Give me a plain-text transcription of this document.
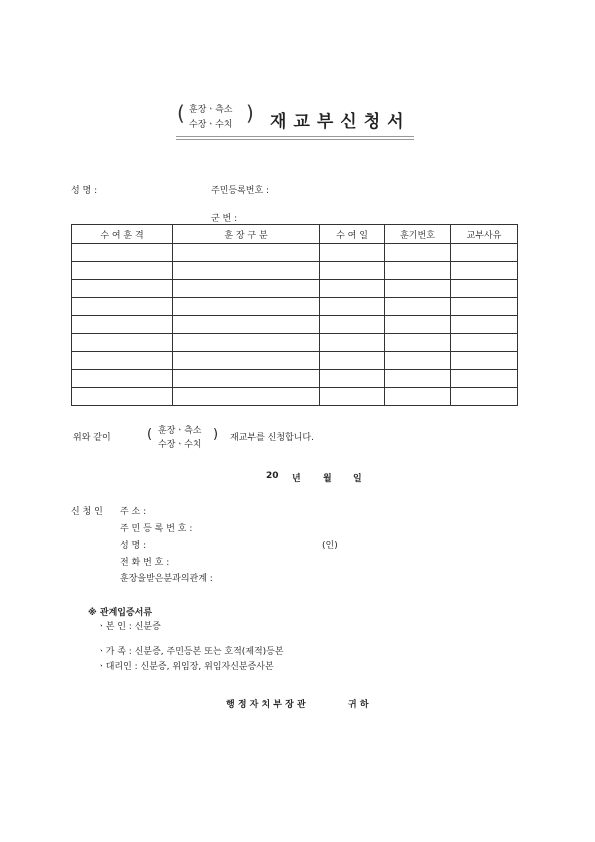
( 훈장ㆍ측소
수장ㆍ수치 ) 재교부신청서
성 명 :	주민등록번호 :
군 번 :
수 여 훈 격	훈 장 구 분	수 여 일	훈기번호	교부사유

위와 같이	( 훈장ㆍ측소
수장ㆍ수치
) 재교부를 신청합니다.
20 년 월 일
신 청 인 주 소 :
주 민 등 록 번 호 :
성 명 :	(인)
전 화 번 호 :
훈장을받은분과의관계 :
※ 관계입증서류
ㆍ본 인 : 신분증
ㆍ가 족 : 신분증, 주민등본 또는 호적(제적)등본
ㆍ대리인 : 신분증, 위임장, 위임자신분증사본
행 정 자 치 부 장 관	귀 하
